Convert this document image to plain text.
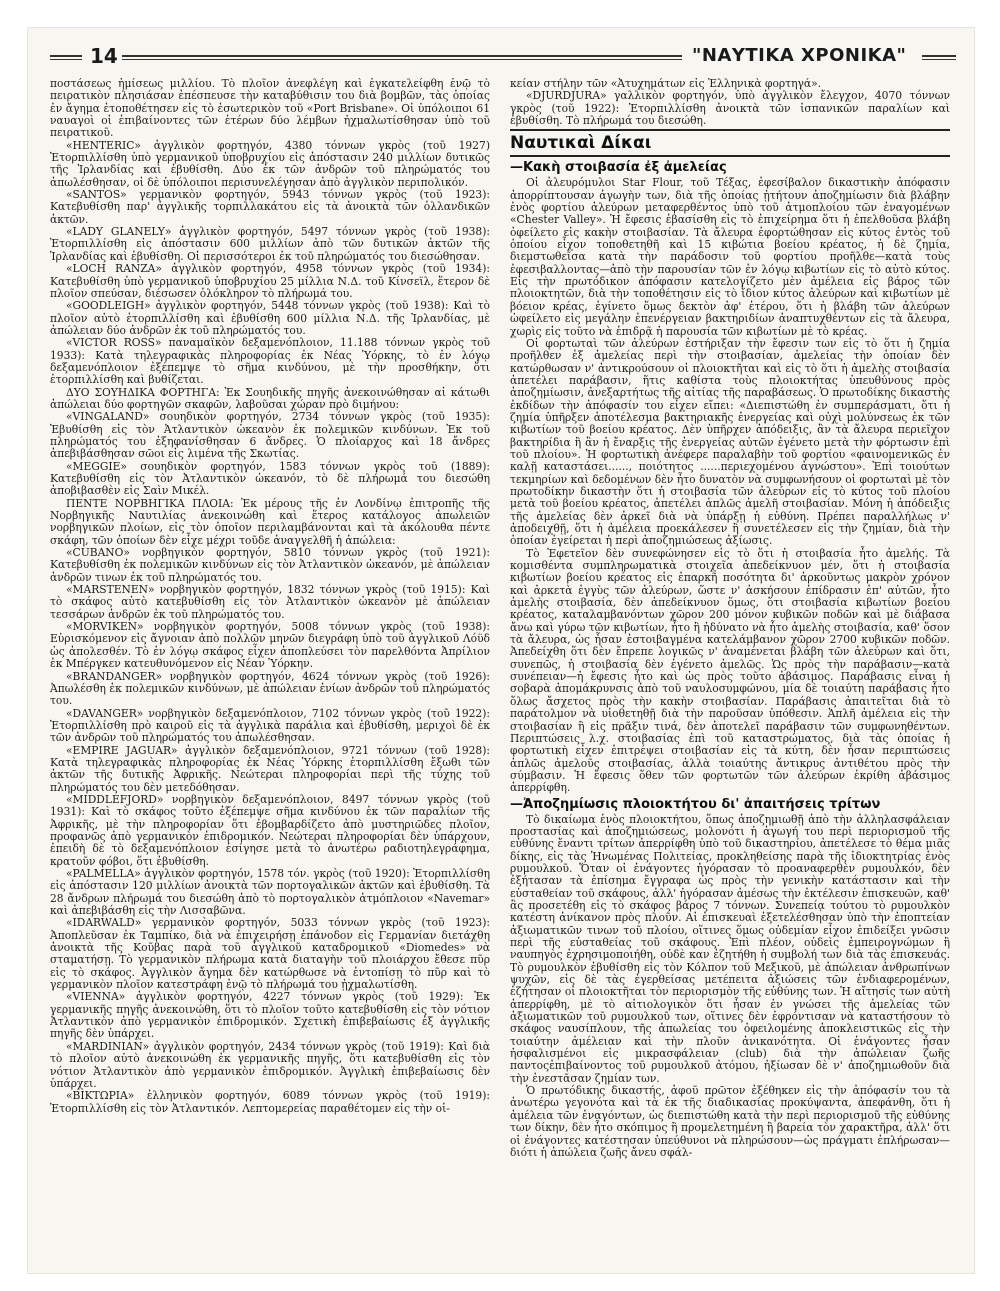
14	"ΝΑΥΤΙΚΑ ΧΡΟΝΙΚΑ"

ποστάσεως ἡμίσεως μιλλίου. Τὸ πλοῖον ἀνεφλέγη καὶ ἐγκατελείφθη ἐνῷ τὸ πειρατικὸν πλησιάσαν ἐπέσπευσε τὴν καταβύθισιν του διὰ βομβῶν, τὰς ὁποίας ἐν ἄγημα ἐτοποθέτησεν εἰς τὸ ἐσωτερικὸν τοῦ «Port Brisbane». Οἱ ὑπόλοιποι 61 ναυαγοὶ οἱ ἐπιβαίνοντες τῶν ἑτέρων δύο λέμβων ἠχμαλωτίσθησαν ὑπὸ τοῦ πειρατικοῦ.

«HENTERIC» ἀγγλικὸν φορτηγόν, 4380 τόννων γκρὸς (τοῦ 1927) Ἐτορπιλλίσθη ὑπὸ γερμανικοῦ ὑποβρυχίου εἰς ἀπόστασιν 240 μιλλίων δυτικῶς τῆς Ἰρλανδίας καὶ ἐβυθίσθη. Δύο ἐκ τῶν ἀνδρῶν τοῦ πληρώματός του ἀπωλέσθησαν, οἱ δὲ ὑπόλοιποι περισυνελέγησαν ἀπὸ ἀγγλικὸν περιπολικόν.

«SANTOS» γερμανικὸν φορτηγόν, 5943 τόννων γκρὸς (τοῦ 1923): Κατεβυθίσθη παρ' ἀγγλικῆς τορπιλλακάτου εἰς τὰ ἀνοικτὰ τῶν ὁλλανδικῶν ἀκτῶν.

«LADY GLANELY» ἀγγλικὸν φορτηγόν, 5497 τόννων γκρὸς (τοῦ 1938): Ἐτορπιλλίσθη εἰς ἀπόστασιν 600 μιλλίων ἀπὸ τῶν δυτικῶν ἀκτῶν τῆς Ἰρλανδίας καὶ ἐβυθίσθη. Οἱ περισσότεροι ἐκ τοῦ πληρώματός του διεσώθησαν.

«LOCH RANZA» ἀγγλικὸν φορτηγόν, 4958 τόννων γκρὸς (τοῦ 1934): Κατεβυθίσθη ὑπὸ γερμανικοῦ ὑποβρυχίου 25 μίλλια Ν.Δ. τοῦ Κίνσεϊλ, ἕτερον δὲ πλοῖον σπεύσαν, διέσωσεν ὁλόκληρον τὸ πλήρωμά του.

«GOODLEIGH» ἀγγλικὸν φορτηγόν, 5448 τόννων γκρὸς (τοῦ 1938): Καὶ τὸ πλοῖον αὐτὸ ἐτορπιλλίσθη καὶ ἐβυθίσθη 600 μίλλια Ν.Δ. τῆς Ἰρλανδίας, μὲ ἀπώλειαν δύο ἀνδρῶν ἐκ τοῦ πληρώματός του.

«VICTOR ROSS» παναμαϊκὸν δεξαμενόπλοιον, 11.188 τόννων γκρὸς τοῦ 1933): Κατὰ τηλεγραφικὰς πληροφορίας ἐκ Νέας Ὑόρκης, τὸ ἐν λόγῳ δεξαμενόπλοιον ἐξέπεμψε τὸ σῆμα κινδύνου, μὲ τὴν προσθήκην, ὅτι ἐτορπιλλίσθη καὶ βυθίζεται.

ΔΥΟ ΣΟΥΗΔΙΚΑ ΦΟΡΤΗΓΑ: Ἐκ Σουηδικῆς πηγῆς ἀνεκοινώθησαν αἱ κάτωθι ἀπώλειαι δύο φορτηγῶν σκαφῶν, λαβοῦσαι χώραν πρὸ διμήνου:

«VINGALAND» σουηδικὸν φορτηγόν, 2734 τόννων γκρὸς (τοῦ 1935): Ἐβυθίσθη εἰς τὸν Ἀτλαντικὸν ὠκεανὸν ἐκ πολεμικῶν κινδύνων. Ἐκ τοῦ πληρώματός του ἐξηφανίσθησαν 6 ἄνδρες. Ὁ πλοίαρχος καὶ 18 ἄνδρες ἀπεβιβάσθησαν σῶοι εἰς λιμένα τῆς Σκωτίας.

«MEGGIE» σουηδικὸν φορτηγόν, 1583 τόννων γκρὸς τοῦ (1889): Κατεβυθίσθη εἰς τὸν Ἀτλαντικὸν ὠκεανόν, τὸ δὲ πλήρωμά του διεσώθη ἀποβιβασθὲν εἰς Σαὶν Μικέλ.

ΠΕΝΤΕ ΝΟΡΒΗΓΙΚΑ ΠΛΟΙΑ: Ἐκ μέρους τῆς ἐν Λονδίνῳ ἐπιτροπῆς τῆς Νορβηγικῆς Ναυτιλίας ἀνεκοινώθη καὶ ἕτερος κατάλογος ἀπωλειῶν νορβηγικῶν πλοίων, εἰς τὸν ὁποῖον περιλαμβάνονται καὶ τὰ ἀκόλουθα πέντε σκάφη, τῶν ὁποίων δὲν εἶχε μέχρι τοῦδε ἀναγγελθῆ ἡ ἀπώλεια:

«CUBANO» νορβηγικὸν φορτηγόν, 5810 τόννων γκρὸς (τοῦ 1921): Κατεβυθίσθη ἐκ πολεμικῶν κινδύνων εἰς τὸν Ἀτλαντικὸν ὠκεανόν, μὲ ἀπώλειαν ἀνδρῶν τινων ἐκ τοῦ πληρώματός του.

«MARSTENEN» νορβηγικὸν φορτηγόν, 1832 τόννων γκρὸς (τοῦ 1915): Καὶ τὸ σκάφος αὐτὸ κατεβυθίσθη εἰς τὸν Ἀτλαντικὸν ὠκεανὸν μὲ ἀπώλειαν τεσσάρων ἀνδρῶν ἐκ τοῦ πληρώματός του.

«MORVIKEN» νορβηγικὸν φορτηγόν, 5008 τόννων γκρὸς (τοῦ 1938): Εὑρισκόμενον εἰς ἄγνοιαν ἀπὸ πολλῶν μηνῶν διεγράφη ὑπὸ τοῦ ἀγγλικοῦ Λόϋδ ὡς ἀπολεσθέν. Τὸ ἐν λόγῳ σκάφος εἶχεν ἀποπλεύσει τὸν παρελθόντα Ἀπρίλιον ἐκ Μπέργκεν κατευθυνόμενον εἰς Νέαν Ὑόρκην.

«BRANDANGER» νορβηγικὸν φορτηγόν, 4624 τόννων γκρὸς (τοῦ 1926): Ἀπωλέσθη ἐκ πολεμικῶν κινδύνων, μὲ ἀπώλειαν ἐνίων ἀνδρῶν τοῦ πληρώματός του.

«DAVANGER» νορβηγικὸν δεξαμενόπλοιον, 7102 τόννων γκρὸς (τοῦ 1922): Ἐτορπιλλίσθη πρὸ καιροῦ εἰς τὰ ἀγγλικὰ παράλια καὶ ἐβυθίσθη, μεριχοὶ δὲ ἐκ τῶν ἀνδρῶν τοῦ πληρώματός του ἀπωλέσθησαν.

«EMPIRE JAGUAR» ἀγγλικὸν δεξαμενόπλοιον, 9721 τόννων (τοῦ 1928): Κατὰ τηλεγραφικὰς πληροφορίας ἐκ Νέας Ὑόρκης ἐτορπιλλίσθη ἔξωθι τῶν ἀκτῶν τῆς δυτικῆς Ἀφρικῆς. Νεώτεραι πληροφορίαι περὶ τῆς τύχης τοῦ πληρώματός του δὲν μετεδόθησαν.

«MIDDLEFJORD» νορβηγικὸν δεξαμενόπλοιον, 8497 τόννων γκρὸς (τοῦ 1931): Καὶ τὸ σκάφος τοῦτο ἐξέπεμψε σῆμα κινδύνου ἐκ τῶν παραλίων τῆς Ἀφρικῆς, μὲ τὴν πληροφορίαν ὅτι ἐβομβαρδίζετο ἀπὸ μυστηριῶδες πλοῖον, προφανῶς ἀπὸ γερμανικὸν ἐπιδρομικόν. Νεώτεραι πληροφορίαι δὲν ὑπάρχουν, ἐπειδὴ δὲ τὸ δεξαμενόπλοιον ἐσίγησε μετὰ τὸ ἀνωτέρω ραδιοτηλεγράφημα, κρατοῦν φόβοι, ὅτι ἐβυθίσθη.

«PALMELLA» ἀγγλικὸν φορτηγόν, 1578 τόν. γκρὸς (τοῦ 1920): Ἐτορπιλλίσθη εἰς ἀπόστασιν 120 μιλλίων ἀνοικτὰ τῶν πορτογαλικῶν ἀκτῶν καὶ ἐβυθίσθη. Τὰ 28 ἄνδρων πλήρωμά του διεσώθη ἀπὸ τὸ πορτογαλικὸν ἀτμόπλοιον «Navemar» καὶ ἀπεβιβάσθη εἰς τὴν Λισσαβῶνα.

«IDARWALD» γερμανικὸν φορτηγόν, 5033 τόννων γκρὸς (τοῦ 1923): Ἀποπλεῦσαν ἐκ Ταμπίκο, διὰ νὰ ἐπιχειρήσῃ ἐπάνοδον εἰς Γερμανίαν διετάχθη ἀνοικτὰ τῆς Κοῦβας παρὰ τοῦ ἀγγλικοῦ καταδρομικοῦ «Diomedes» νὰ σταματήσῃ. Τὸ γερμανικὸν πλήρωμα κατὰ διαταγὴν τοῦ πλοιάρχου ἔθεσε πῦρ εἰς τὸ σκάφος. Ἀγγλικὸν ἄγημα δὲν κατώρθωσε νὰ ἐντοπίσῃ τὸ πῦρ καὶ τὸ γερμανικὸν πλοῖον κατεστράφη ἐνῷ τὸ πλήρωμά του ᾐχμαλωτίσθη.

«VIENNA» ἀγγλικὸν φορτηγόν, 4227 τόννων γκρὸς (τοῦ 1929): Ἐκ γερμανικῆς πηγῆς ἀνεκοινώθη, ὅτι τὸ πλοῖον τοῦτο κατεβυθίσθη εἰς τὸν νότιον Ἀτλαντικὸν ἀπὸ γερμανικὸν ἐπιδρομικόν. Σχετικὴ ἐπιβεβαίωσις ἐξ ἀγγλικῆς πηγῆς δὲν ὑπάρχει.

«MARDINIAN» ἀγγλικὸν φορτηγόν, 2434 τόννων γκρὸς (τοῦ 1919): Καὶ διὰ τὸ πλοῖον αὐτὸ ἀνεκοινώθη ἐκ γερμανικῆς πηγῆς, ὅτι κατεβυθίσθη εἰς τὸν νότιον Ἀτλαντικὸν ἀπὸ γερμανικὸν ἐπιδρομικόν. Ἀγγλικὴ ἐπιβεβαίωσις δὲν ὑπάρχει.

«ΒΙΚΤΩΡΙΑ» ἑλληνικὸν φορτηγόν, 6089 τόννων γκρὸς (τοῦ 1919): Ἐτορπιλλίσθη εἰς τὸν Ἀτλαντικόν. Λεπτομερείας παραθέτομεν εἰς τὴν οἰ-

κείαν στήλην τῶν «Ἀτυχημάτων εἰς Ἑλληνικὰ φορτηγά».

«DJURDJURA» γαλλικὸν φορτηγόν, ὑπὸ ἀγγλικὸν ἔλεγχον, 4070 τόννων γκρὸς (τοῦ 1922): Ἐτορπιλλίσθη ἀνοικτὰ τῶν ἰσπανικῶν παραλίων καὶ ἐβυθίσθη. Τὸ πλήρωμά του διεσώθη.

Ναυτικαὶ Δίκαι
—Κακὴ στοιβασία ἐξ ἀμελείας

Οἱ ἀλευρόμυλοι Star Flour, τοῦ Τέξας, ἐφεσίβαλον δικαστικὴν ἀπόφασιν ἀπορρίπτουσαν ἀγωγὴν των, διὰ τῆς ὁποίας ᾐτήτουν ἀποζημίωσιν διὰ βλάβην ἐνὸς φορτίου ἀλεύρων μεταφερθέντος ὑπὸ τοῦ ἀτμοπλοίου τῶν ἐναγομένων «Chester Valley». Ἡ ἔφεσις ἐβασίσθη εἰς τὸ ἐπιχείρημα ὅτι ἡ ἐπελθοῦσα βλάβη ὀφείλετο εἰς κακὴν στοιβασίαν. Τὰ ἄλευρα ἐφορτώθησαν εἰς κύτος ἐντὸς τοῦ ὁποίου εἶχον τοποθετηθῆ καὶ 15 κιβώτια βοείου κρέατος, ἡ δὲ ζημία, διεμστωθεῖσα κατὰ τὴν παράδοσιν τοῦ φορτίου προῆλθε—κατὰ τοὺς ἐφεσιβαλλοντας—ἀπὸ τὴν παρουσίαν τῶν ἐν λόγῳ κιβωτίων εἰς τὸ αὐτὸ κύτος. Εἰς τὴν πρωτόδικον ἀπόφασιν κατελογίζετο μὲν ἀμέλεια εἰς βάρος τῶν πλοιοκτητῶν, διὰ τὴν τοποθέτησιν εἰς τὸ ἴδιον κύτος ἀλεύρων καὶ κιβωτίων μὲ βόειον κρέας, ἐγίνετο ὅμως δεκτὸν ἀφ' ἑτέρου, ὅτι ἡ βλάβη τῶν ἀλεύρων ὠφείλετο εἰς μεγάλην ἐπενέργειαν βακτηριδίων ἀναπτυχθέντων εἰς τὰ ἄλευρα, χωρὶς εἰς τοῦτο νὰ ἐπιδρᾷ ἡ παρουσία τῶν κιβωτίων μὲ τὸ κρέας.

Οἱ φορτωταὶ τῶν ἀλεύρων ἐστήριξαν τὴν ἔφεσιν των εἰς τὸ ὅτι ἡ ζημία προῆλθεν ἐξ ἀμελείας περὶ τὴν στοιβασίαν, ἀμελείας τὴν ὁποίαν δὲν κατώρθωσαν ν' ἀντικρούσουν οἱ πλοιοκτῆται καὶ εἰς τὸ ὅτι ἡ ἀμελὴς στοιβασία ἀπετέλει παράβασιν, ἥτις καθίστα τοὺς πλοιοκτήτας ὑπευθύνους πρὸς ἀποζημίωσιν, ἀνεξαρτήτως τῆς αἰτίας τῆς παραβάσεως. Ὁ πρωτοδίκης δικαστὴς ἐκδίδων τὴν ἀπόφασίν του εἶχεν εἴπει: «Διεπιστώθη ἐν συμπεράσματι, ὅτι ἡ ζημία ὑπῆρξεν ἀποτέλεσμα βακτηριακῆς ἐνεργείας καὶ οὐχὶ μολύνσεως ἐκ τῶν κιβωτίων τοῦ βοείου κρέατος. Δὲν ὑπῆρχεν ἀπόδειξις, ἂν τὰ ἄλευρα περιεῖχον βακτηρίδια ἢ ἂν ἡ ἔναρξις τῆς ἐνεργείας αὐτῶν ἐγένετο μετὰ τὴν φόρτωσιν ἐπὶ τοῦ πλοίου». Ἡ φορτωτικὴ ἀνέφερε παραλαβὴν τοῦ φορτίου «φαινομενικῶς ἐν καλῇ καταστάσει......, ποιότητος ......περιεχομένου ἀγνώστου». Ἐπὶ τοιούτων τεκμηρίων καὶ δεδομένων δὲν ἦτο δυνατὸν νὰ συμφωνήσουν οἱ φορτωταὶ μὲ τὸν πρωτοδίκην δικαστὴν ὅτι ἡ στοιβασία τῶν ἀλεύρων εἰς τὸ κύτος τοῦ πλοίου μετὰ τοῦ βοείου κρέατος, ἀπετέλει ἁπλῶς ἀμελῆ στοιβασίαν. Μόνη ἡ ἀπόδειξις τῆς ἀμελείας δὲν ἀρκεῖ διὰ νὰ ὑπάρξῃ ἡ εὐθύνη. Πρέπει παραλλήλως ν' ἀποδειχθῇ, ὅτι ἡ ἀμέλεια προεκάλεσεν ἢ συνετέλεσεν εἰς τὴν ζημίαν, διὰ τὴν ὁποίαν ἐγείρεται ἡ περὶ ἀποζημιώσεως ἀξίωσις.

Τὸ Ἐφετεῖον δὲν συνεφώνησεν εἰς τὸ ὅτι ἡ στοιβασία ἦτο ἀμελής. Τὰ κομισθέντα συμπληρωματικὰ στοιχεῖα ἀπεδείκνυον μέν, ὅτι ἡ στοιβασία κιβωτίων βοείου κρέατος εἰς ἐπαρκῆ ποσότητα δι' ἀρκοῦντως μακρὸν χρόνον καὶ ἀρκετὰ ἐγγὺς τῶν ἀλεύρων, ὥστε ν' ἀσκήσουν ἐπίδρασιν ἐπ' αὐτῶν, ἦτο ἀμελὴς στοιβασία, δὲν ἀπεδείκνυον ὅμως, ὅτι στοιβασία κιβωτίων βοείου κρέατος, καταλαμβανόντων χῶρον 200 μόνον κυβικῶν ποδῶν καὶ μὲ διάβασα ἄνω καὶ γύρω τῶν κιβωτίων, ἦτο ἢ ἠδύνατο νὰ ἦτο ἀμελὴς στοιβασία, καθ' ὅσον τὰ ἄλευρα, ὡς ἦσαν ἐστοιβαγμένα κατελάμβανον χῶρον 2700 κυβικῶν ποδῶν. Ἀπεδείχθη ὅτι δὲν ἔπρεπε λογικῶς ν' ἀναμένεται βλάβη τῶν ἀλεύρων καὶ ὅτι, συνεπῶς, ἡ στοιβασία δὲν ἐγένετο ἀμελῶς. Ὡς πρὸς τὴν παράβασιν—κατὰ συνέπειαν—ἡ ἔφεσις ἦτο καὶ ὡς πρὸς τοῦτο ἀβάσιμος. Παράβασις εἶναι ἡ σοβαρὰ ἀπομάκρυνσις ἀπὸ τοῦ ναυλοσυμφώνου, μία δὲ τοιαύτη παράβασις ἦτο ὅλως ἄσχετος πρὸς τὴν κακὴν στοιβασίαν. Παράβασις ἀπαιτεῖται διὰ τὸ παράτολμον νὰ υἱοθετηθῇ διὰ τὴν παροῦσαν ὑπόθεσιν. Ἁπλῆ ἀμέλεια εἰς τὴν στοιβασίαν ἢ εἰς πρᾶξιν τινά, δὲν ἀποτελεῖ παράβασιν τῶν συμφωνηθέντων. Περιπτώσεις λ.χ. στοιβασίας ἐπὶ τοῦ καταστρώματος, διὰ τὰς ὁποίας ἡ φορτωτικὴ εἶχεν ἐπιτρέψει στοιβασίαν εἰς τὰ κύτη, δὲν ἦσαν περιπτώσεις ἁπλῶς ἀμελοῦς στοιβασίας, ἀλλὰ τοιαύτης ἄντικρυς ἀντιθέτου πρὸς τὴν σύμβασιν. Ἡ ἔφεσις ὅθεν τῶν φορτωτῶν τῶν ἀλεύρων ἐκρίθη ἀβάσιμος ἀπερρίφθη.

—Ἀποζημίωσις πλοιοκτήτου δι' ἀπαιτήσεις τρίτων

Τὸ δικαίωμα ἑνὸς πλοιοκτήτου, ὅπως ἀποζημιωθῇ ἀπὸ τὴν ἀλληλασφάλειαν προστασίας καὶ ἀποζημιώσεως, μολονότι ἡ ἀγωγή του περὶ περιορισμοῦ τῆς εὐθύνης ἔναντι τρίτων ἀπερρίφθη ὑπὸ τοῦ δικαστηρίου, ἀπετέλεσε τὸ θέμα μιᾶς δίκης, εἰς τὰς Ἡνωμένας Πολιτείας, προκληθείσης παρὰ τῆς ἰδιοκτητρίας ἑνὸς ρυμουλκοῦ. Ὅταν οἱ ἐνάγοντες ἠγόρασαν τὸ προαναφερθὲν ρυμουλκόν, δὲν ἐξήτασαν τὰ ἐπίσημα ἔγγραφα ὡς πρὸς τὴν γενικὴν κατάστασιν καὶ τὴν εὐσταθείαν τοῦ σκάφους, ἀλλ' ἠγόρασαν ἀμέσως τὴν ἐκτέλεσιν ἐπισκευῶν, καθ' ἃς προσετέθη εἰς τὸ σκάφος βάρος 7 τόννων. Συνεπείᾳ τούτου τὸ ρυμουλκὸν κατέστη ἀνίκανον πρὸς πλοῦν. Αἱ ἐπισκευαὶ ἐξετελέσθησαν ὑπὸ τὴν ἐποπτείαν ἀξιωματικῶν τινων τοῦ πλοίου, οἵτινες ὅμως οὐδεμίαν εἶχον ἐπιδείξει γνῶσιν περὶ τῆς εὐσταθείας τοῦ σκάφους. Ἐπὶ πλέον, οὐδεὶς ἐμπειρογνώμων ἢ ναυπηγὸς ἐχρησιμοποιήθη, οὐδὲ καν ἐζητήθη ἡ συμβολή των διὰ τὰς ἐπισκευάς. Τὸ ρυμουλκὸν ἐβυθίσθη εἰς τὸν Κόλπον τοῦ Μεξικοῦ, μὲ ἀπώλειαν ἀνθρωπίνων ψυχῶν, εἰς δὲ τὰς ἐγερθείσας μετέπειτα ἀξιώσεις τῶν ἐνδιαφερομένων, ἐζήτησαν οἱ πλοιοκτῆται τὸν περιορισμὸν τῆς εὐθύνης των. Ἡ αἴτησίς των αὐτὴ ἀπερρίφθη, μὲ τὸ αἰτιολογικὸν ὅτι ἦσαν ἐν γνώσει τῆς ἀμελείας τῶν ἀξιωματικῶν τοῦ ρυμουλκοῦ των, οἵτινες δὲν ἐφρόντισαν νὰ καταστήσουν τὸ σκάφος ναυσίπλουν, τῆς ἀπωλείας του ὀφειλομένης ἀποκλειστικῶς εἰς τὴν τοιαύτην ἀμέλειαν καὶ τὴν πλοῦν ἀνικανότητα. Οἱ ἐνάγοντες ἦσαν ἠσφαλισμένοι εἰς μικρασφάλειαν (club) διὰ τὴν ἀπώλειαν ζωῆς παντοςἐπιβαίνοντος τοῦ ρυμουλκοῦ ἀτόμου, ἠξίωσαν δὲ ν' ἀποζημιωθοῦν διὰ τὴν ἐνεστᾶσαν ζημίαν των.

Ὁ πρωτόδικης δικαστής, ἀφοῦ πρῶτον ἐξέθηκεν εἰς τὴν ἀπόφασίν του τὰ ἀνωτέρω γεγονότα καὶ τὰ ἐκ τῆς διαδικασίας προκύψαντα, ἀπεφάνθη, ὅτι ἡ ἀμέλεια τῶν ἐναγόντων, ὡς διεπιστώθη κατὰ τὴν περὶ περιορισμοῦ τῆς εὐθύνης των δίκην, δὲν ἦτο σκόπιμος ἢ προμελετημένη ἢ βαρεία τὸν χαρακτῆρα, ἀλλ' ὅτι οἱ ἐνάγοντες κατέστησαν ὑπεύθυνοι νὰ πληρώσουν—ὡς πράγματι ἐπλήρωσαν—διότι ἡ ἀπώλεια ζωῆς ἄνευ σφάλ-
